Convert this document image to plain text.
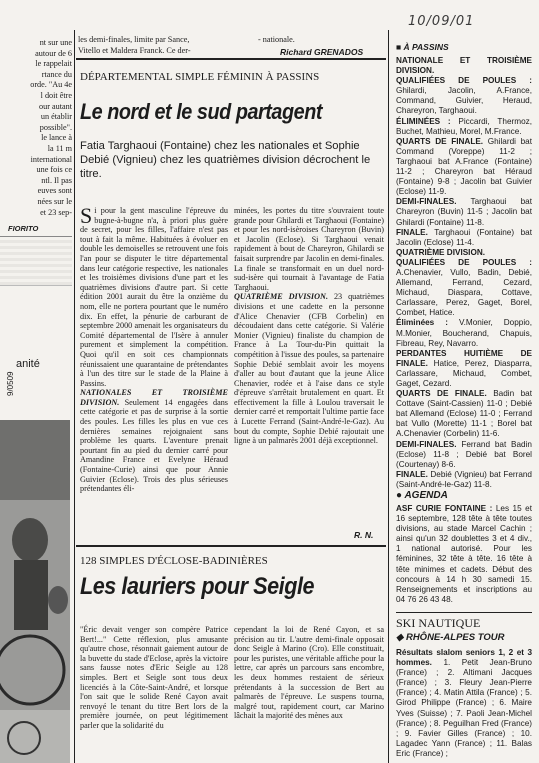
10/09/01
nt sur une
autour de 6
le rappelait
rtance du
orde. "Au 4e
l doit être
our autant
un établir
possible".
le lance à
la 11 m
international
une fois ce
ntl. Il pas
euves sont
nées sur le
et 23 sep-
FIORITO
anité
9/0509
les demi-finales, limite par Sance,	- nationale.
Vitello et Maldera Franck. Ce der-	Richard GRENADOS
DÉPARTEMENTAL SIMPLE FÉMININ À PASSINS
Le nord et le sud partagent
Fatia Targhaoui (Fontaine) chez les nationales et Sophie Debié (Vignieu) chez les quatrièmes division décrochent le titre.

Si pour la gent masculine l'épreuve du bugne-à-bugne n'a, à priori plus guère de secret, pour les filles, l'affaire n'est pas tout à fait la même. Habituées à évoluer en double les demoiselles se retrouvent une fois l'an pour se disputer le titre départemental dans leur catégorie respective, les nationales et les troisièmes divisions d'une part et les quatrièmes divisions d'autre part. Si cette édition 2001 aurait du être la onzième du nom, elle ne portera pourtant que le numéro dix. En effet, la pénurie de carburant de septembre 2000 amenait les organisateurs du Comité départemental de l'Isère à annuler purement et simplement la compétition. Quoi qu'il en soit ces championnats réunissaient une quarantaine de prétendantes à l'un des titre sur le stade de la Plaine à Passins.

NATIONALES ET TROISIÈME DIVISION. Seulement 14 engagées dans cette catégorie et pas de surprise à la sortie des poules. Les filles les plus en vue ces dernières semaines rejoignaient sans problème les quarts. L'aventure prenait pourtant fin au pied du dernier carré pour Amandine France et Evelyne Héraud (Fontaine-Curie) ainsi que pour Annie Guivier (Eclose). Trois des plus sérieuses prétendantes éli-

minées, les portes du titre s'ouvraient toute grande pour Ghilardi et Targhaoui (Fontaine) et pour les nord-isèroises Chareyron (Buvin) et Jacolin (Eclose). Si Targhaoui venait rapidement à bout de Chareyron, Ghilardi se faisait surprendre par Jacolin en demi-finales. La finale se transformait en un duel nord-sud-isère qui tournait à l'avantage de Fatia Targhaoui.

QUATRIÈME DIVISION. 23 quatrièmes divisions et une cadette en la personne d'Alice Chenavier (CFB Corbelin) en découdaient dans cette catégorie. Si Valérie Monier (Vignieu) finaliste du champion de France à La Tour-du-Pin quittait la compétition à l'issue des poules, sa partenaire Sophie Debié semblait avoir les moyens d'aller au bout d'autant que la jeune Alice Chenavier, rodée et à l'aise dans ce style d'épreuve s'arrêtait brutalement en quart. Et effectivement la fille à Loulou traversait le dernier carré et remportait l'ultime partie face à Lucette Ferrand (Saint-André-le-Gaz). Au bout du compte, Sophie Debié rajoutait une ligne à un palmarès 2001 déjà exceptionnel.

R. N.
128 SIMPLES D'ÉCLOSE-BADINIÈRES
Les lauriers pour Seigle
"Éric devait venger son compère Patrice Bert!..." Cette réflexion, plus amusante qu'autre chose, résonnait gaiement autour de la buvette du stade d'Eclose, après la victoire sans fausse notes d'Eric Seigle au 128 simples. Bert et Seigle sont tous deux licenciés à la Côte-Saint-André, et lorsque l'on sait que le solide René Cayon avait renvoyé le tenant du titre Bert lors de la première journée, on peut légitimement parler que la solidarité du
cependant la loi de René Cayon, et sa précision au tir. L'autre demi-finale opposait donc Seigle à Marino (Cro). Elle constituait, pour les puristes, une véritable affiche pour la lettre, car après un parcours sans encombre, les deux hommes restaient de sérieux prétendants à la succession de Bert au palmarès de l'épreuve. Le suspens tourna, malgré tout, rapidement court, car Marino lâchait la majorité des mènes aux
■ À PASSINS
NATIONALE ET TROISIÈME DIVISION.
QUALIFIÉES DE POULES : Ghilardi, Jacolin, A.France, Command, Guivier, Heraud, Chareyron, Targhaoui.
ÉLIMINÉES : Piccardi, Thermoz, Buchet, Mathieu, Morel, M.France.
QUARTS DE FINALE. Ghilardi bat Command (Voreppe) 11-2 ; Targhaoui bat A.France (Fontaine) 11-2 ; Chareyron bat Héraud (Fontaine) 9-8 ; Jacolin bat Guivier (Eclose) 11-9.
DEMI-FINALES. Targhaoui bat Chareyron (Buvin) 11-5 ; Jacolin bat Ghilardi (Fontaine) 11-8.
FINALE. Targhaoui (Fontaine) bat Jacolin (Eclose) 11-4.
QUATRIÈME DIVISION.
QUALIFIÉES DE POULES : A.Chenavier, Vullo, Badin, Debié, Allemand, Ferrand, Cezard, Michaud, Diaspara, Cottave, Carlassare, Perez, Gaget, Borel, Combet, Hatice.
Éliminées : V.Monier, Doppio, M.Monier, Boucherand, Chapuis, Fibreau, Rey, Navarro.
PERDANTES HUITIÈME DE FINALE. Hatice, Perez, Diasparra, Carlassare, Michaud, Combet, Gaget, Cezard.
QUARTS DE FINALE. Badin bat Cottave (Saint-Cassien) 11-0 ; Debié bat Allemand (Eclose) 11-0 ; Ferrand bat Vullo (Morette) 11-1 ; Borel bat A.Chenavier (Corbelin) 11-6.
DEMI-FINALES. Ferrand bat Badin (Eclose) 11-8 ; Debié bat Borel (Courtenay) 8-6.
FINALE. Debié (Vignieu) bat Ferrand (Saint-André-le-Gaz) 11-8.
● AGENDA
ASF CURIE FONTAINE : Les 15 et 16 septembre, 128 tête à tête toutes divisions, au stade Marcel Cachin ; ainsi qu'un 32 doublettes 3 et 4 div., 1 national autorisé. Pour les féminines, 32 tête à tête. 16 tête à tête minimes et cadets. Début des concours à 14 h 30 samedi 15. Renseignements et inscriptions au 04 76 26 43 48.
SKI NAUTIQUE
◆ RHÔNE-ALPES TOUR
Résultats slalom seniors 1, 2 et 3 hommes. 1. Petit Jean-Bruno (France) ; 2. Altimani Jacques (France) ; 3. Fleury Jean-Pierre (France) ; 4. Matin Attila (France) ; 5. Girod Philippe (France) ; 6. Maire Yves (Suisse) ; 7. Paoli Jean-Michel (France) ; 8. Peguilhan Fred (France) ; 9. Favier Gilles (France) ; 10. Lagadec Yann (France) ; 11. Balas Eric (France) ;
